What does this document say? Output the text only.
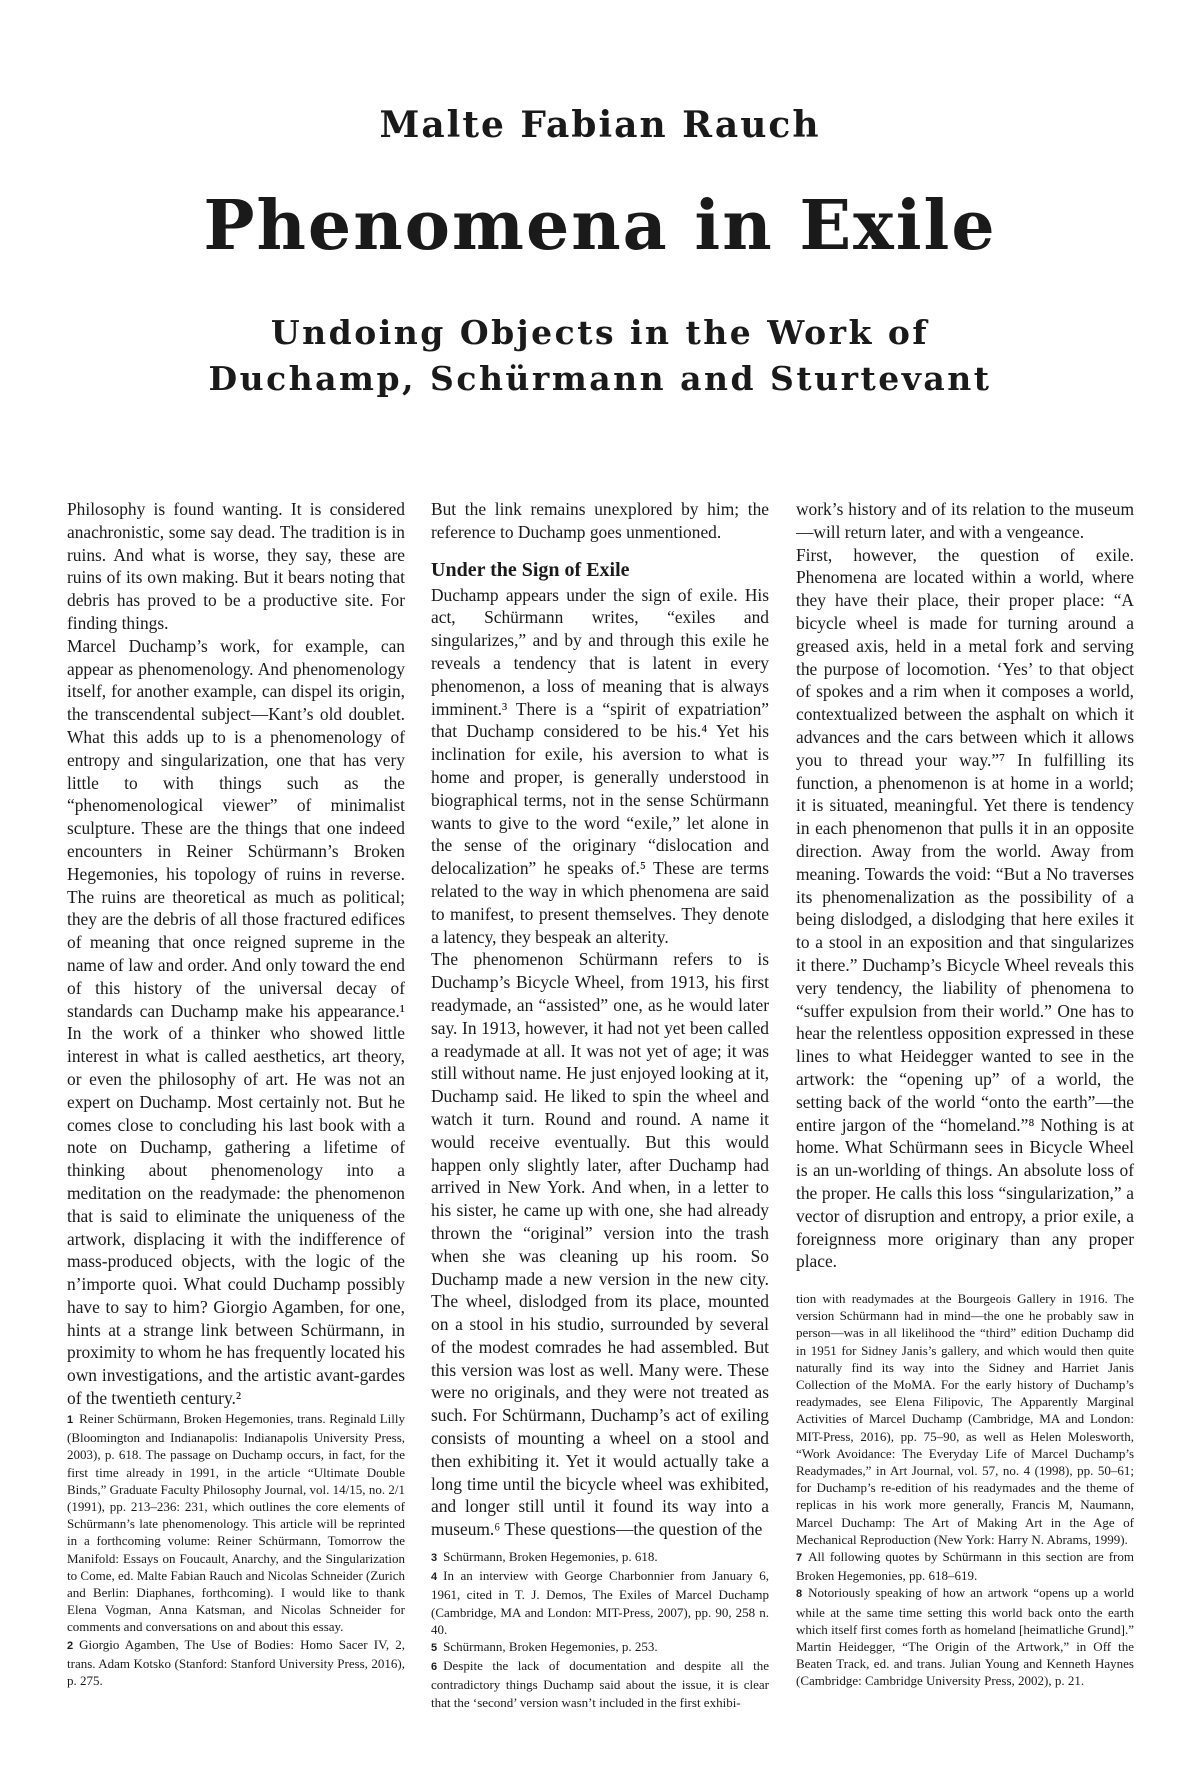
Malte Fabian Rauch
Phenomena in Exile
Undoing Objects in the Work of
Duchamp, Schürmann and Sturtevant

Philosophy is found wanting. It is considered anachronistic, some say dead. The tradition is in ruins. And what is worse, they say, these are ruins of its own making. But it bears noting that debris has proved to be a productive site. For finding things.

Marcel Duchamp’s work, for example, can appear as phenomenology. And phenomenology itself, for another example, can dispel its origin, the transcendental subject—Kant’s old doublet. What this adds up to is a phenomenology of entropy and singularization, one that has very little to with things such as the “phenomenological viewer” of minimalist sculpture. These are the things that one indeed encounters in Reiner Schürmann’s Broken Hegemonies, his topology of ruins in reverse. The ruins are theoretical as much as political; they are the debris of all those fractured edifices of meaning that once reigned supreme in the name of law and order. And only toward the end of this history of the universal decay of standards can Duchamp make his appearance.¹ In the work of a thinker who showed little interest in what is called aesthetics, art theory, or even the philosophy of art. He was not an expert on Duchamp. Most certainly not. But he comes close to concluding his last book with a note on Duchamp, gathering a lifetime of thinking about phenomenology into a meditation on the readymade: the phenomenon that is said to eliminate the uniqueness of the artwork, displacing it with the indifference of mass-produced objects, with the logic of the n’importe quoi. What could Duchamp possibly have to say to him? Giorgio Agamben, for one, hints at a strange link between Schürmann, in proximity to whom he has frequently located his own investigations, and the artistic avant-gardes of the twentieth century.²

But the link remains unexplored by him; the reference to Duchamp goes unmentioned.

Under the Sign of Exile

Duchamp appears under the sign of exile. His act, Schürmann writes, “exiles and singularizes,” and by and through this exile he reveals a tendency that is latent in every phenomenon, a loss of meaning that is always imminent.³ There is a “spirit of expatriation” that Duchamp considered to be his.⁴ Yet his inclination for exile, his aversion to what is home and proper, is generally understood in biographical terms, not in the sense Schürmann wants to give to the word “exile,” let alone in the sense of the originary “dislocation and delocalization” he speaks of.⁵ These are terms related to the way in which phenomena are said to manifest, to present themselves. They denote a latency, they bespeak an alterity.

The phenomenon Schürmann refers to is Duchamp’s Bicycle Wheel, from 1913, his first readymade, an “assisted” one, as he would later say. In 1913, however, it had not yet been called a readymade at all. It was not yet of age; it was still without name. He just enjoyed looking at it, Duchamp said. He liked to spin the wheel and watch it turn. Round and round. A name it would receive eventually. But this would happen only slightly later, after Duchamp had arrived in New York. And when, in a letter to his sister, he came up with one, she had already thrown the “original” version into the trash when she was cleaning up his room. So Duchamp made a new version in the new city. The wheel, dislodged from its place, mounted on a stool in his studio, surrounded by several of the modest comrades he had assembled. But this version was lost as well. Many were. These were no originals, and they were not treated as such. For Schürmann, Duchamp’s act of exiling consists of mounting a wheel on a stool and then exhibiting it. Yet it would actually take a long time until the bicycle wheel was exhibited, and longer still until it found its way into a museum.⁶ These questions—the question of the

work’s history and of its relation to the museum—will return later, and with a vengeance.

First, however, the question of exile. Phenomena are located within a world, where they have their place, their proper place: “A bicycle wheel is made for turning around a greased axis, held in a metal fork and serving the purpose of locomotion. ‘Yes’ to that object of spokes and a rim when it composes a world, contextualized between the asphalt on which it advances and the cars between which it allows you to thread your way.”⁷ In fulfilling its function, a phenomenon is at home in a world; it is situated, meaningful. Yet there is tendency in each phenomenon that pulls it in an opposite direction. Away from the world. Away from meaning. Towards the void: “But a No traverses its phenomenalization as the possibility of a being dislodged, a dislodging that here exiles it to a stool in an exposition and that singularizes it there.” Duchamp’s Bicycle Wheel reveals this very tendency, the liability of phenomena to “suffer expulsion from their world.” One has to hear the relentless opposition expressed in these lines to what Heidegger wanted to see in the artwork: the “opening up” of a world, the setting back of the world “onto the earth”—the entire jargon of the “homeland.”⁸ Nothing is at home. What Schürmann sees in Bicycle Wheel is an un-worlding of things. An absolute loss of the proper. He calls this loss “singularization,” a vector of disruption and entropy, a prior exile, a foreignness more originary than any proper place.

1 Reiner Schürmann, Broken Hegemonies, trans. Reginald Lilly (Bloomington and Indianapolis: Indianapolis University Press, 2003), p. 618. The passage on Duchamp occurs, in fact, for the first time already in 1991, in the article “Ultimate Double Binds,” Graduate Faculty Philosophy Journal, vol. 14/15, no. 2/1 (1991), pp. 213–236: 231, which outlines the core elements of Schürmann’s late phenomenology. This article will be reprinted in a forthcoming volume: Reiner Schürmann, Tomorrow the Manifold: Essays on Foucault, Anarchy, and the Singularization to Come, ed. Malte Fabian Rauch and Nicolas Schneider (Zurich and Berlin: Diaphanes, forthcoming). I would like to thank Elena Vogman, Anna Katsman, and Nicolas Schneider for comments and conversations on and about this essay.

2 Giorgio Agamben, The Use of Bodies: Homo Sacer IV, 2, trans. Adam Kotsko (Stanford: Stanford University Press, 2016), p. 275.

3 Schürmann, Broken Hegemonies, p. 618.

4 In an interview with George Charbonnier from January 6, 1961, cited in T. J. Demos, The Exiles of Marcel Duchamp (Cambridge, MA and London: MIT-Press, 2007), pp. 90, 258 n. 40.

5 Schürmann, Broken Hegemonies, p. 253.

6 Despite the lack of documentation and despite all the contradictory things Duchamp said about the issue, it is clear that the ‘second’ version wasn’t included in the first exhibi-

tion with readymades at the Bourgeois Gallery in 1916. The version Schürmann had in mind—the one he probably saw in person—was in all likelihood the “third” edition Duchamp did in 1951 for Sidney Janis’s gallery, and which would then quite naturally find its way into the Sidney and Harriet Janis Collection of the MoMA. For the early history of Duchamp’s readymades, see Elena Filipovic, The Apparently Marginal Activities of Marcel Duchamp (Cambridge, MA and London: MIT-Press, 2016), pp. 75–90, as well as Helen Molesworth, “Work Avoidance: The Everyday Life of Marcel Duchamp’s Readymades,” in Art Journal, vol. 57, no. 4 (1998), pp. 50–61; for Duchamp’s re-edition of his readymades and the theme of replicas in his work more generally, Francis M, Naumann, Marcel Duchamp: The Art of Making Art in the Age of Mechanical Reproduction (New York: Harry N. Abrams, 1999).

7 All following quotes by Schürmann in this section are from Broken Hegemonies, pp. 618–619.

8 Notoriously speaking of how an artwork “opens up a world while at the same time setting this world back onto the earth which itself first comes forth as homeland [heimatliche Grund].” Martin Heidegger, “The Origin of the Artwork,” in Off the Beaten Track, ed. and trans. Julian Young and Kenneth Haynes (Cambridge: Cambridge University Press, 2002), p. 21.
